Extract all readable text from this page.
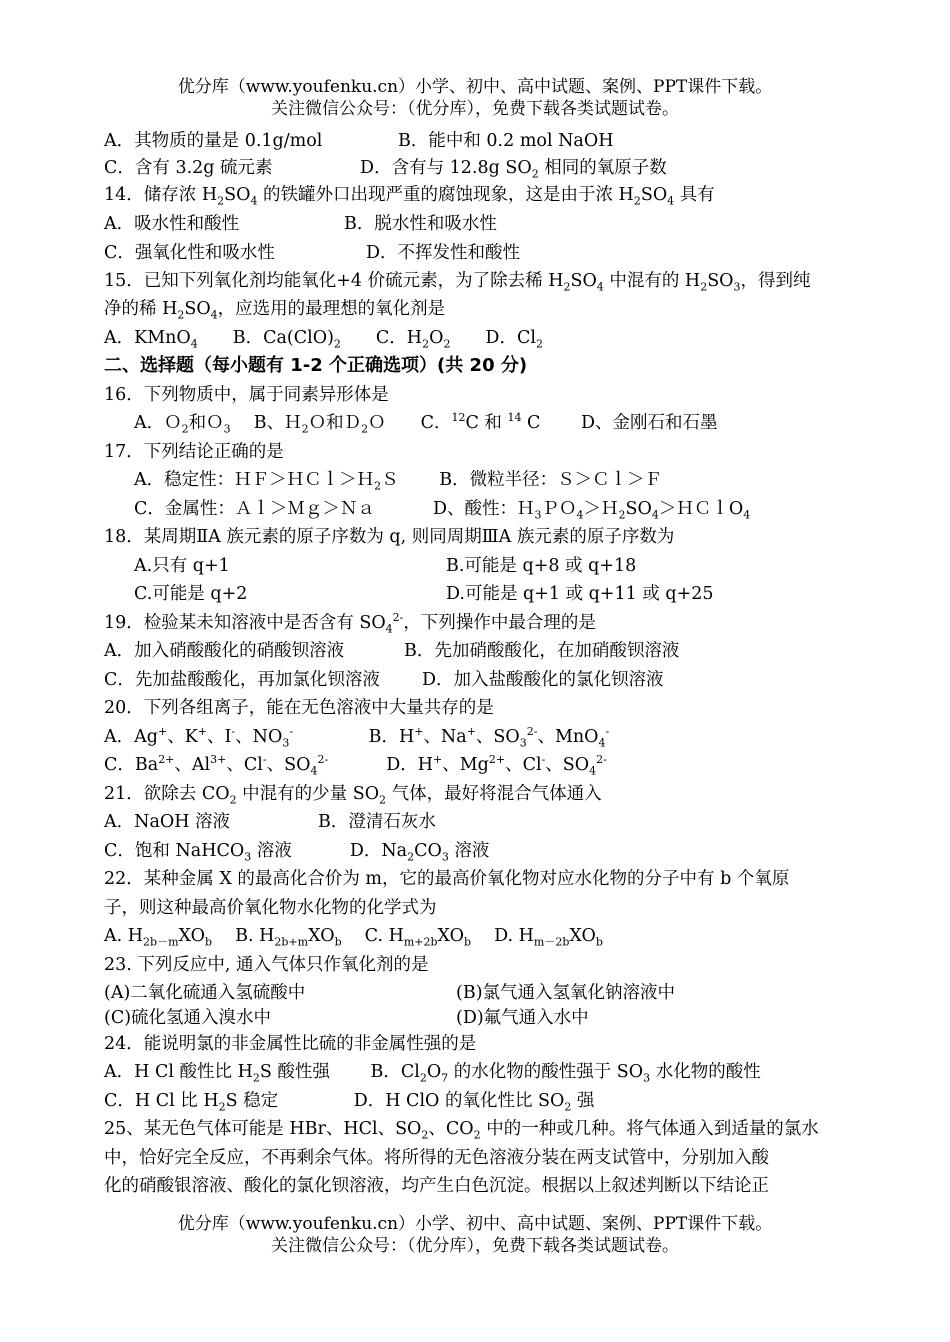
优分库（www.youfenku.cn）小学、初中、高中试题、案例、PPT课件下载。
关注微信公众号：（优分库），免费下载各类试题试卷。
A．其物质的量是 0.1g/mol	B．能中和 0.2 mol NaOH
C．含有 3.2g 硫元素　　　　　D．含有与 12.8g $SO_2$ 相同的氧原子数
14．储存浓 $H_2SO_4$ 的铁罐外口出现严重的腐蚀现象，这是由于浓 $H_2SO_4$ 具有
A．吸水性和酸性	B．脱水性和吸水性
C．强氧化性和吸水性	D．不挥发性和酸性
15．已知下列氧化剂均能氧化+4 价硫元素，为了除去稀 $H_2SO_4$ 中混有的 $H_2SO_3$，得到纯
净的稀 $H_2SO_4$，应选用的最理想的氧化剂是
A．KMnO$_4$　　B．$Ca(ClO)_2$　　C．$H_2O_2$　　D．$Cl_2$
二、选择题（每小题有 1-2 个正确选项）(共 20 分)
16．下列物质中，属于同素异形体是
A．Ｏ$_2$和Ｏ$_3$　 B、Ｈ$_2$Ｏ和Ｄ$_2$Ｏ　　C．$^{12}$C 和 $^{14}$ C　　 D、金刚石和石墨
17．下列结论正确的是
A．稳定性：ＨＦ＞ＨＣｌ＞Ｈ$_2$Ｓ　　 B．微粒半径：Ｓ＞Ｃｌ＞Ｆ
C．金属性：Ａｌ＞Ｍｇ＞Ｎａ　　　 D、酸性：$H_3PO_4>H_2SO_4>HClO_4$
18．某周期ⅡA 族元素的原子序数为 q, 则同周期ⅢA 族元素的原子序数为
A.只有 q+1	B.可能是 q+8 或 q+18
C.可能是 q+2	D.可能是 q+1 或 q+11 或 q+25
19．检验某未知溶液中是否含有 $SO_4^{2-}$，下列操作中最合理的是
A．加入硝酸酸化的硝酸钡溶液	B．先加硝酸酸化，在加硝酸钡溶液
C．先加盐酸酸化，再加氯化钡溶液 D．加入盐酸酸化的氯化钡溶液
20．下列各组离子，能在无色溶液中大量共存的是
A．Ag+、K+、I-、$NO_3^-$　　　　 B．H+、Na+、$SO_3^{2-}$、MnO$_4$-
C．$Ba^{2+}$、$Al^{3+}$、Cl-、$SO_4^{2-}$　　　 D．H+、$Mg^{2+}$、Cl-、$SO_4^{2-}$
21．欲除去 $CO_2$ 中混有的少量 $SO_2$ 气体，最好将混合气体通入
A．NaOH 溶液	B．澄清石灰水
C．饱和 NaHCO$_3$ 溶液　　　 D．$Na_2CO_3$ 溶液
22．某种金属 X 的最高化合价为 m，它的最高价氧化物对应水化物的分子中有 b 个氧原
子，则这种最高价氧化物水化物的化学式为
A. $H_{2b-m}XO_b$　 B. $H_{2b+m}XO_b$　 C. $H_{m+2b}XO_b$　 D. $H_{m-2b}XO_b$
23. 下列反应中, 通入气体只作氧化剂的是
(A)二氧化硫通入氢硫酸中	(B)氯气通入氢氧化钠溶液中
(C)硫化氢通入溴水中	(D)氟气通入水中
24．能说明氯的非金属性比硫的非金属性强的是
A．H Cl 酸性比 $H_2S$ 酸性强　　 B．$Cl_2O_7$ 的水化物的酸性强于 $SO_3$ 水化物的酸性
C．H Cl 比 $H_2S$ 稳定　　　　 D．H ClO 的氧化性比 $SO_2$ 强
25、某无色气体可能是 HBr、HCl、$SO_2$、$CO_2$ 中的一种或几种。将气体通入到适量的氯水
中，恰好完全反应，不再剩余气体。将所得的无色溶液分装在两支试管中，分别加入酸
化的硝酸银溶液、酸化的氯化钡溶液，均产生白色沉淀。根据以上叙述判断以下结论正
优分库（www.youfenku.cn）小学、初中、高中试题、案例、PPT课件下载。
关注微信公众号：（优分库），免费下载各类试题试卷。
